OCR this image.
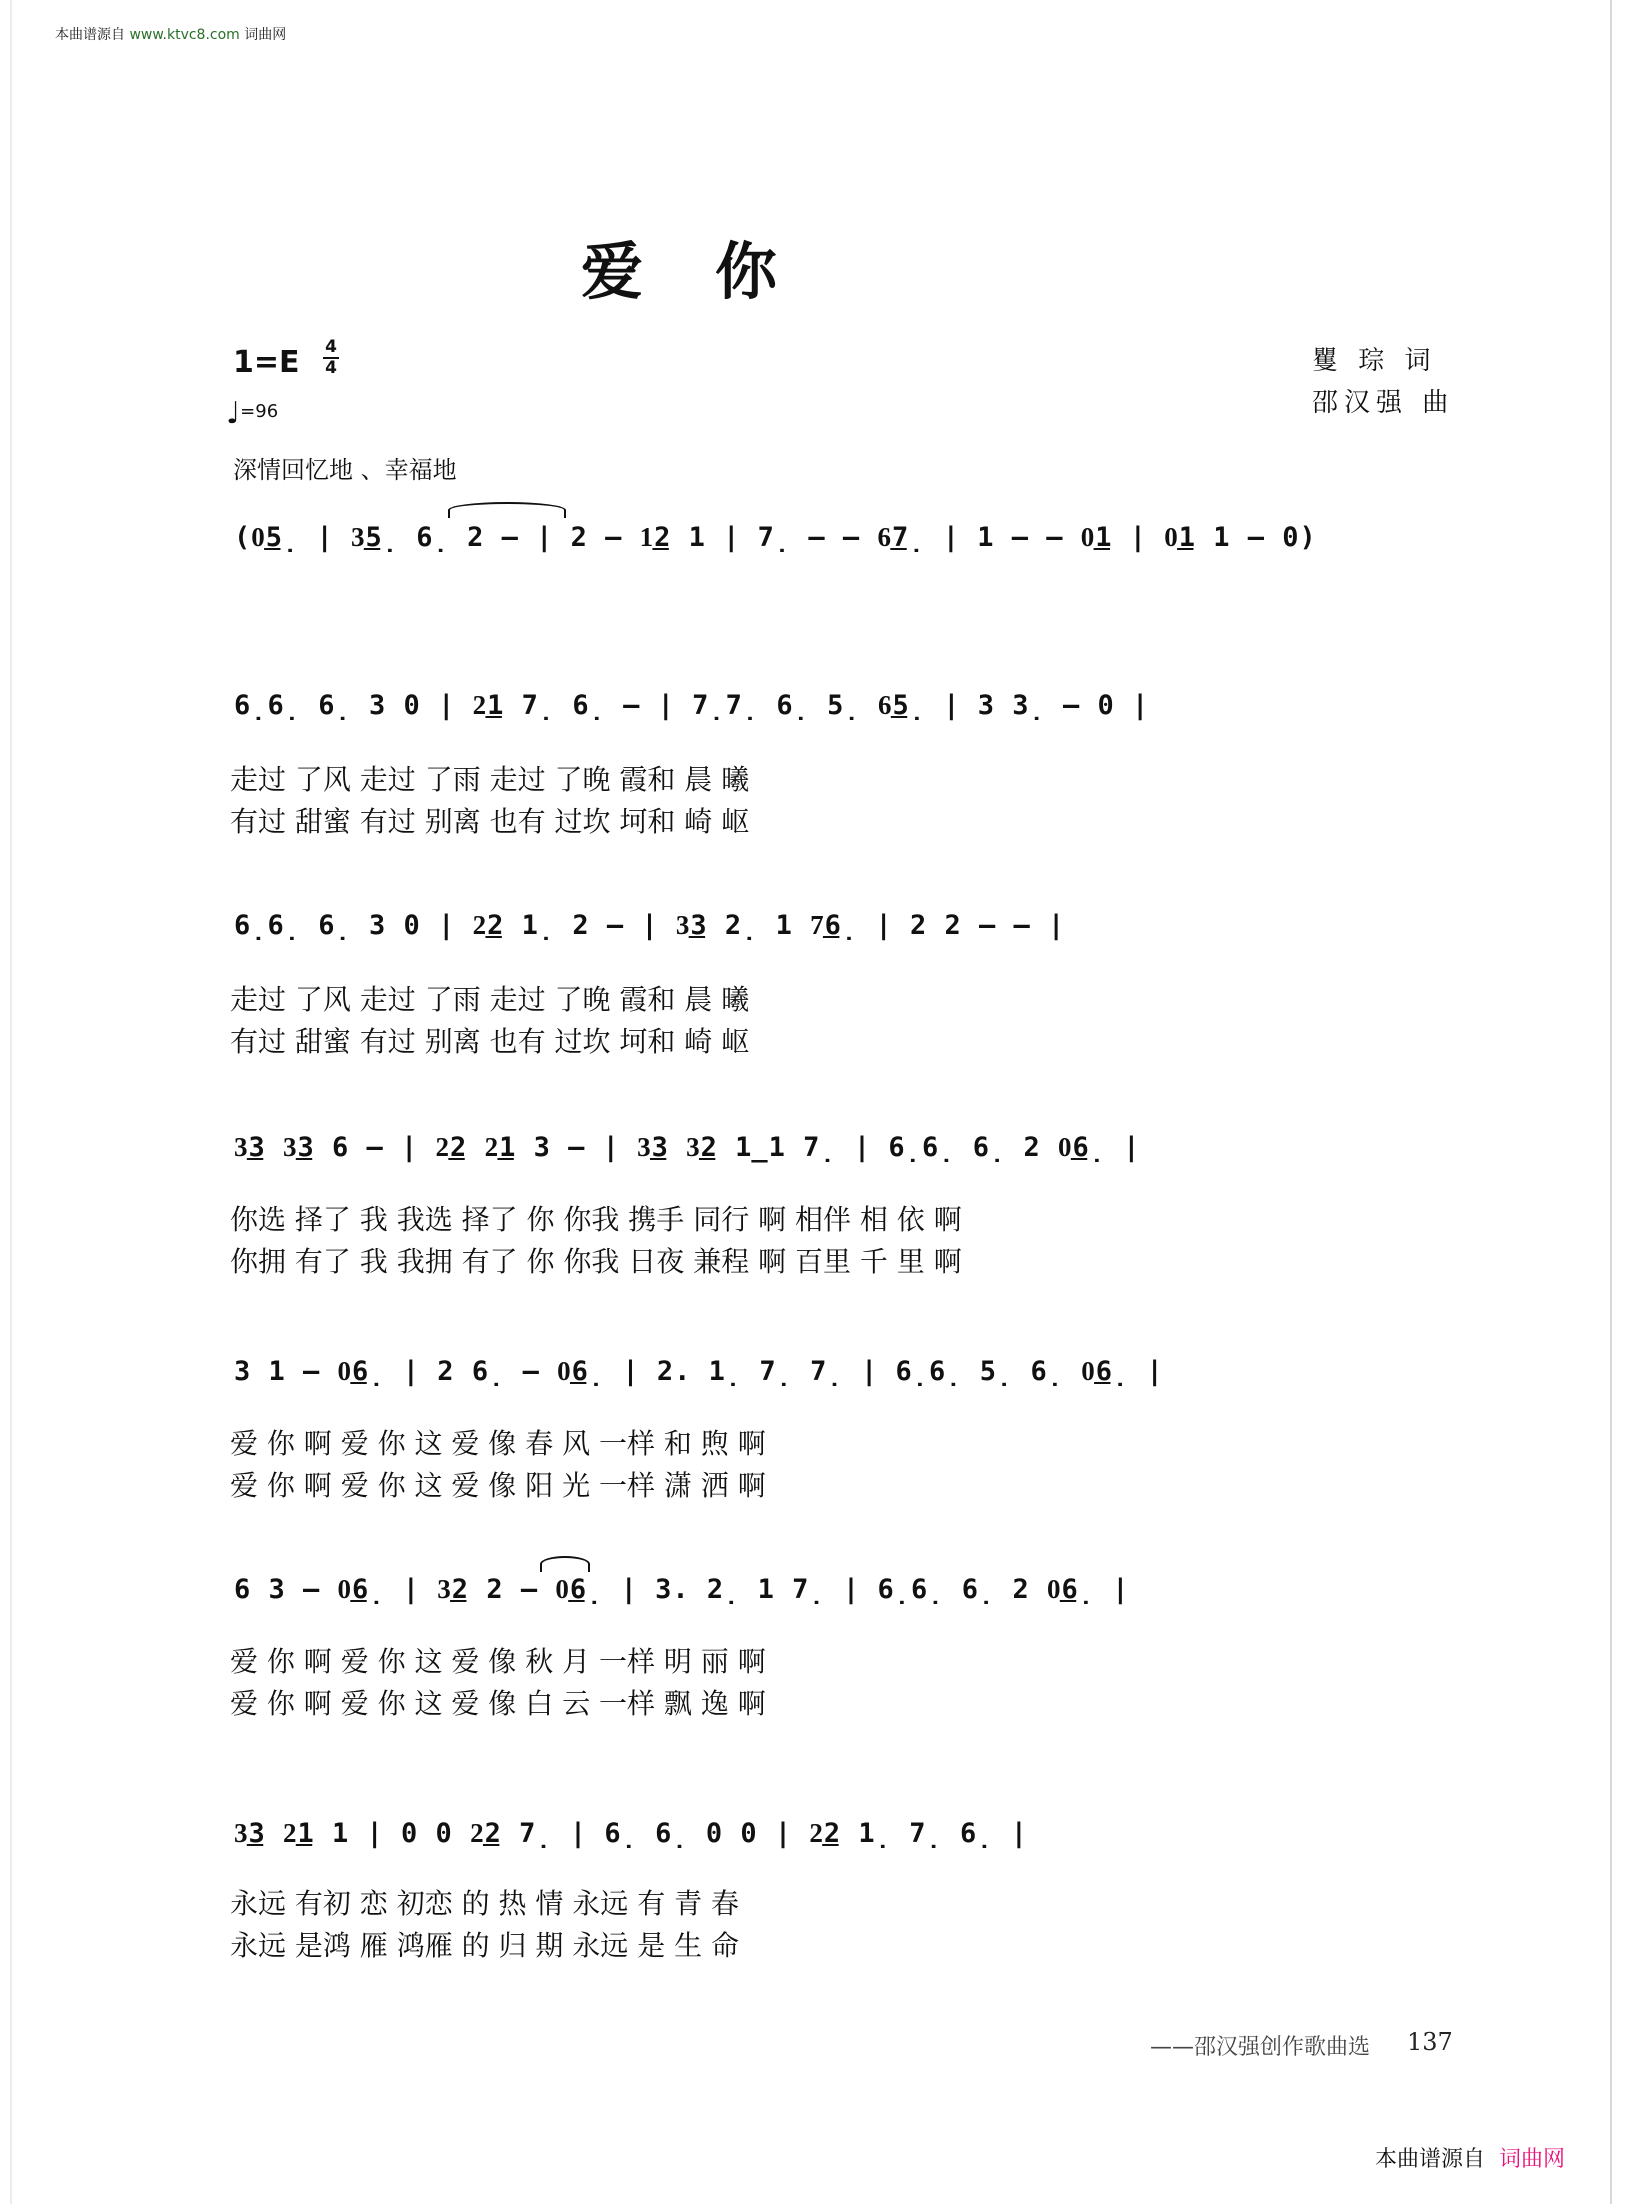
本曲谱源自 www.ktvc8.com 词曲网
爱你
1=E 4
4
♩=96
深情回忆地 、幸福地
矍 琮 词
邵汉强 曲
(0͟5̣ | 3͟5̣ 6̣ 2 – | 2 – 1͟2 1 | 7̣ – – 6͟7̣ | 1 – – 0͟1 | 0͟1 1 – 0)
6̣6̣ 6̣ 3 0 | 2͟1 7̣ 6̣ – | 7̣7̣ 6̣ 5̣ 6͟5̣ | 3 3̣ – 0 |
走过 了风 走过 了雨 走过 了晚 霞和 晨 曦
有过 甜蜜 有过 别离 也有 过坎 坷和 崎 岖
6̣6̣ 6̣ 3 0 | 2͟2 1̣ 2 – | 3͟3 2̣ 1 7͟6̣ | 2 2 – – |
走过 了风 走过 了雨 走过 了晚 霞和 晨 曦
有过 甜蜜 有过 别离 也有 过坎 坷和 崎 岖
3͟3 3͟3 6 – | 2͟2 2͟1 3 – | 3͟3 3͟2 1̲1 7̣ | 6̣6̣ 6̣ 2 0͟6̣ |
你选 择了 我 我选 择了 你 你我 携手 同行 啊 相伴 相 依 啊
你拥 有了 我 我拥 有了 你 你我 日夜 兼程 啊 百里 千 里 啊
3 1 – 0͟6̣ | 2 6̣ – 0͟6̣ | 2. 1̣ 7̣ 7̣ | 6̣6̣ 5̣ 6̣ 0͟6̣ |
爱 你 啊 爱 你 这 爱 像 春 风 一样 和 煦 啊
爱 你 啊 爱 你 这 爱 像 阳 光 一样 潇 洒 啊
6 3 – 0͟6̣ | 3͟2 2 – 0͟6̣ | 3. 2̣ 1 7̣ | 6̣6̣ 6̣ 2 0͟6̣ |
爱 你 啊 爱 你 这 爱 像 秋 月 一样 明 丽 啊
爱 你 啊 爱 你 这 爱 像 白 云 一样 飘 逸 啊
3͟3 2͟1 1 | 0 0 2͟2 7̣ | 6̣ 6̣ 0 0 | 2͟2 1̣ 7̣ 6̣ |
永远 有初 恋 初恋 的 热 情 永远 有 青 春
永远 是鸿 雁 鸿雁 的 归 期 永远 是 生 命
——邵汉强创作歌曲选 137
本曲谱源自 词曲网
